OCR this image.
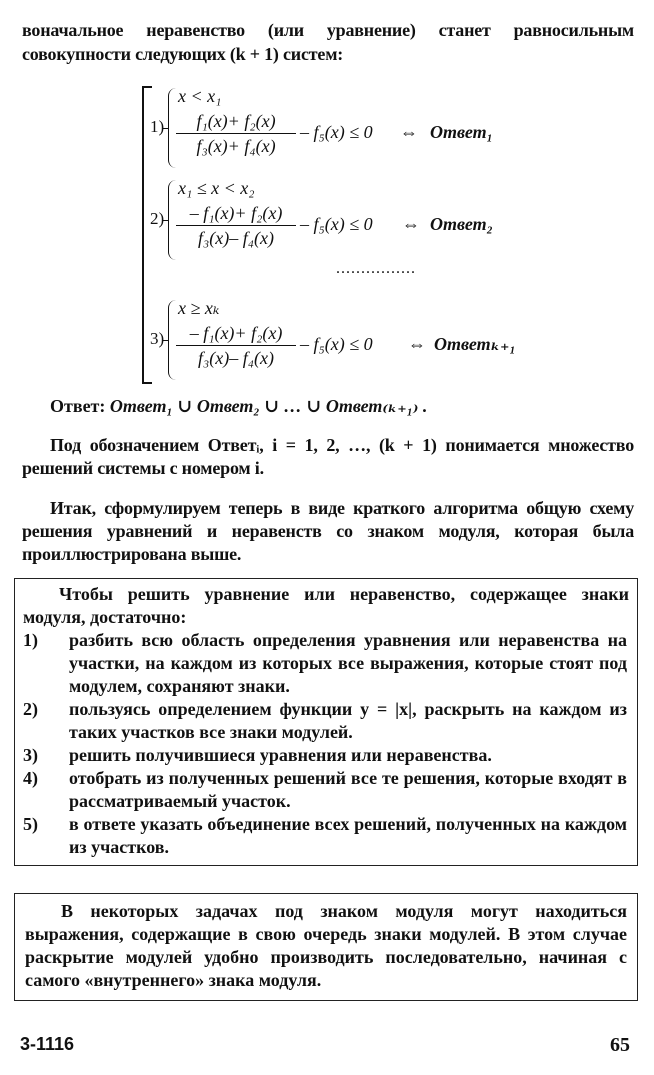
воначальное неравенство (или уравнение) станет равносильным совокупности следующих (k + 1) систем:
1)
x < x₁
f₁(x)+ f₂(x)
f₃(x)+ f₄(x)
– f₅(x) ≤ 0 ⇔ Ответ₁
2)
x₁ ≤ x < x₂
– f₁(x)+ f₂(x)
f₃(x)– f₄(x)
– f₅(x) ≤ 0 ⇔ Ответ₂
................
3)
x ≥ xₖ
– f₁(x)+ f₂(x)
f₃(x)– f₄(x)
– f₅(x) ≤ 0 ⇔ Ответₖ₊₁
Ответ: Ответ₁ ∪ Ответ₂ ∪ … ∪ Ответ₍ₖ₊₁₎ .
Под обозначением Ответᵢ, i = 1, 2, …, (k + 1) понимается множество решений системы с номером i.
Итак, сформулируем теперь в виде краткого алгоритма общую схему решения уравнений и неравенств со знаком модуля, которая была проиллюстрирована выше.
Чтобы решить уравнение или неравенство, содержащее знаки модуля, достаточно:
1) разбить всю область определения уравнения или неравенства на участки, на каждом из которых все выражения, которые стоят под модулем, сохраняют знаки.
2) пользуясь определением функции y = |x|, раскрыть на каждом из таких участков все знаки модулей.
3) решить получившиеся уравнения или неравенства.
4) отобрать из полученных решений все те решения, которые входят в рассматриваемый участок.
5) в ответе указать объединение всех решений, полученных на каждом из участков.
В некоторых задачах под знаком модуля могут находиться выражения, содержащие в свою очередь знаки модулей. В этом случае раскрытие модулей удобно производить последовательно, начиная с самого «внутреннего» знака модуля.
3-1116	65
